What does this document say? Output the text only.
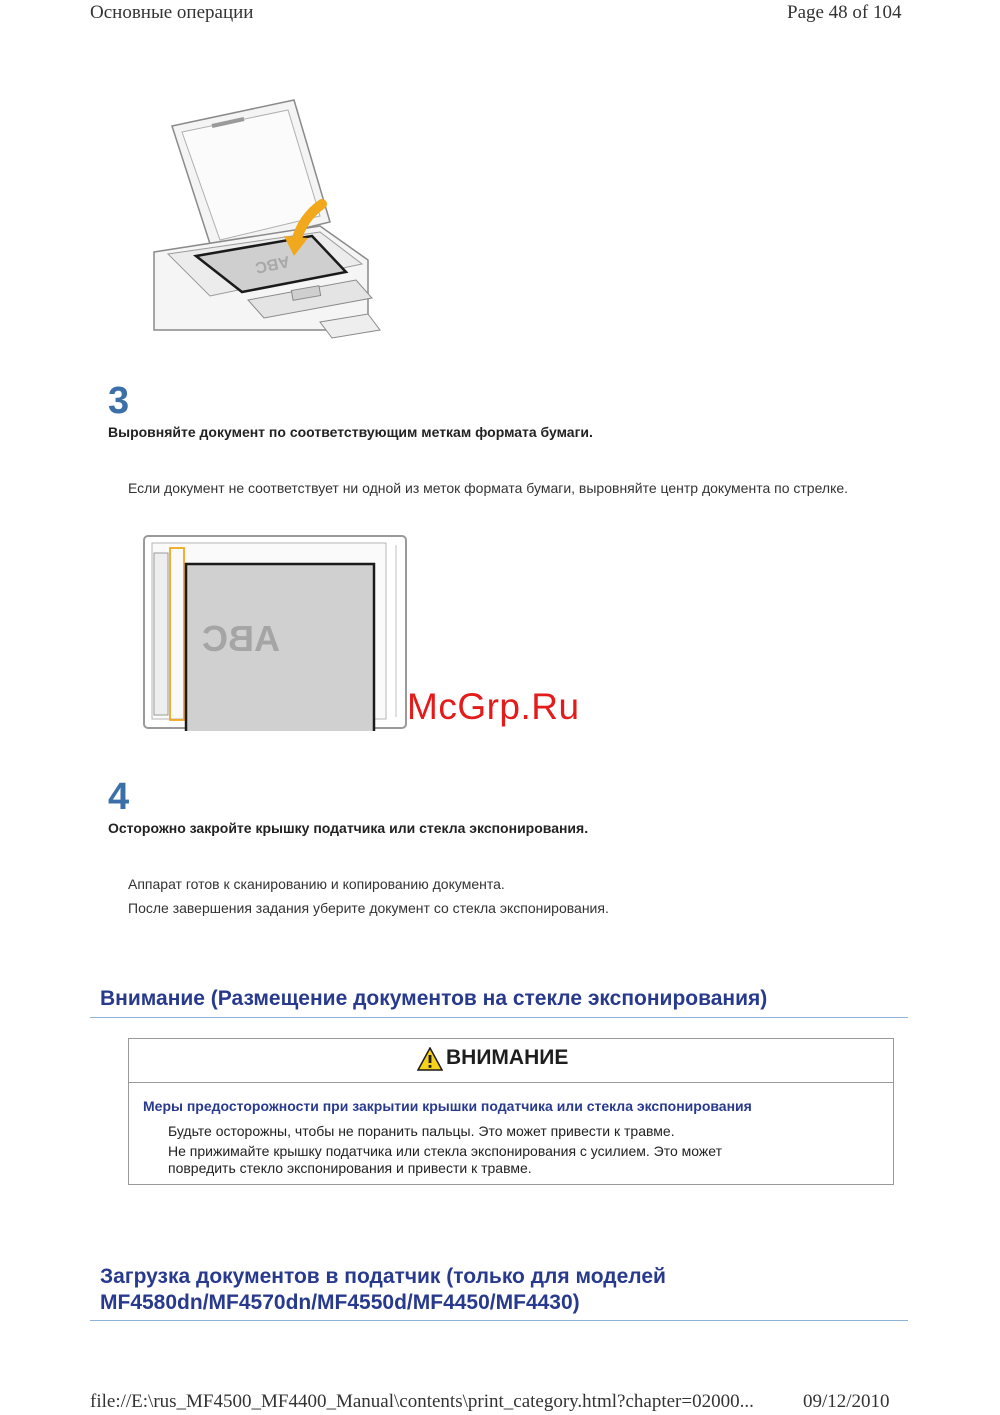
Основные операции	Page 48 of 104
ABC
3
Выровняйте документ по соответствующим меткам формата бумаги.
Если документ не соответствует ни одной из меток формата бумаги, выровняйте центр документа по стрелке.
ABC
McGrp.Ru
4
Осторожно закройте крышку податчика или стекла экспонирования.
Аппарат готов к сканированию и копированию документа.
После завершения задания уберите документ со стекла экспонирования.
Внимание (Размещение документов на стекле экспонирования)
ВНИМАНИЕ
Меры предосторожности при закрытии крышки податчика или стекла экспонирования
Будьте осторожны, чтобы не поранить пальцы. Это может привести к травме.
Не прижимайте крышку податчика или стекла экспонирования с усилием. Это может
повредить стекло экспонирования и привести к травме.
Загрузка документов в податчик (только для моделей
MF4580dn/MF4570dn/MF4550d/MF4450/MF4430)
file://E:\rus_MF4500_MF4400_Manual\contents\print_category.html?chapter=02000...	09/12/2010
